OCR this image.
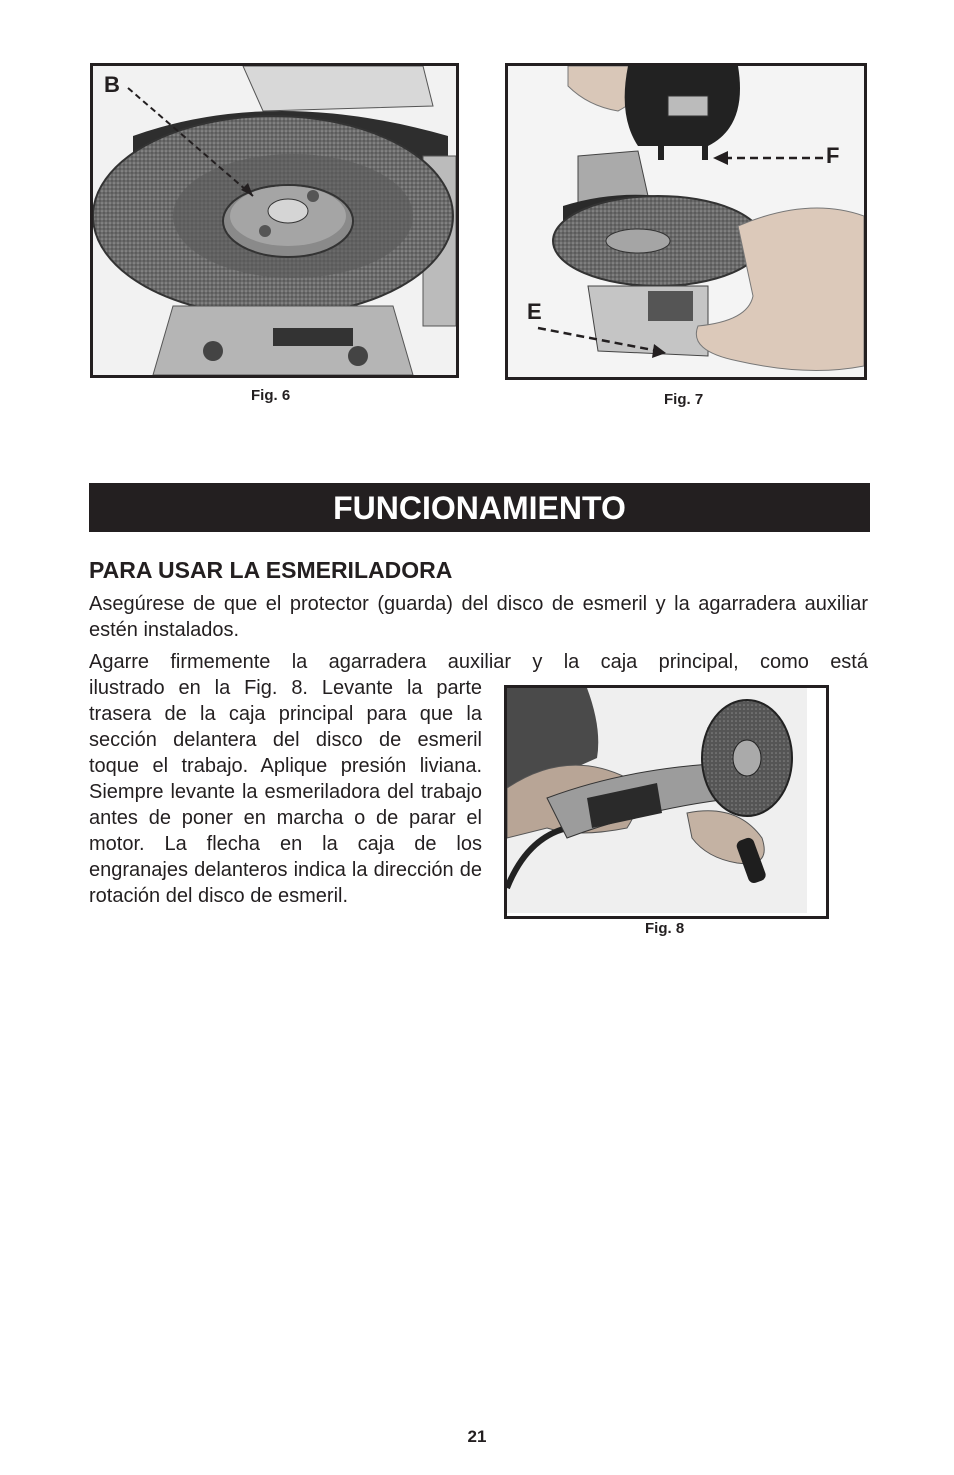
B
Fig. 6
F
E
Fig. 7
FUNCIONAMIENTO
PARA USAR LA ESMERILADORA
Asegúrese de que el protector (guarda) del disco de esmeril y la agarradera auxiliar estén instalados.
Agarre firmemente la agarradera auxiliar y la caja principal, como está
ilustrado en la Fig. 8. Levante la parte trasera de la caja principal para que la sección delantera del disco de esmeril toque el trabajo. Aplique presión liviana. Siempre levante la esmeriladora del trabajo antes de poner en marcha o de parar el motor. La flecha en la caja de los engranajes delanteros indica la dirección de rotación del disco de esmeril.
Fig. 8
21
